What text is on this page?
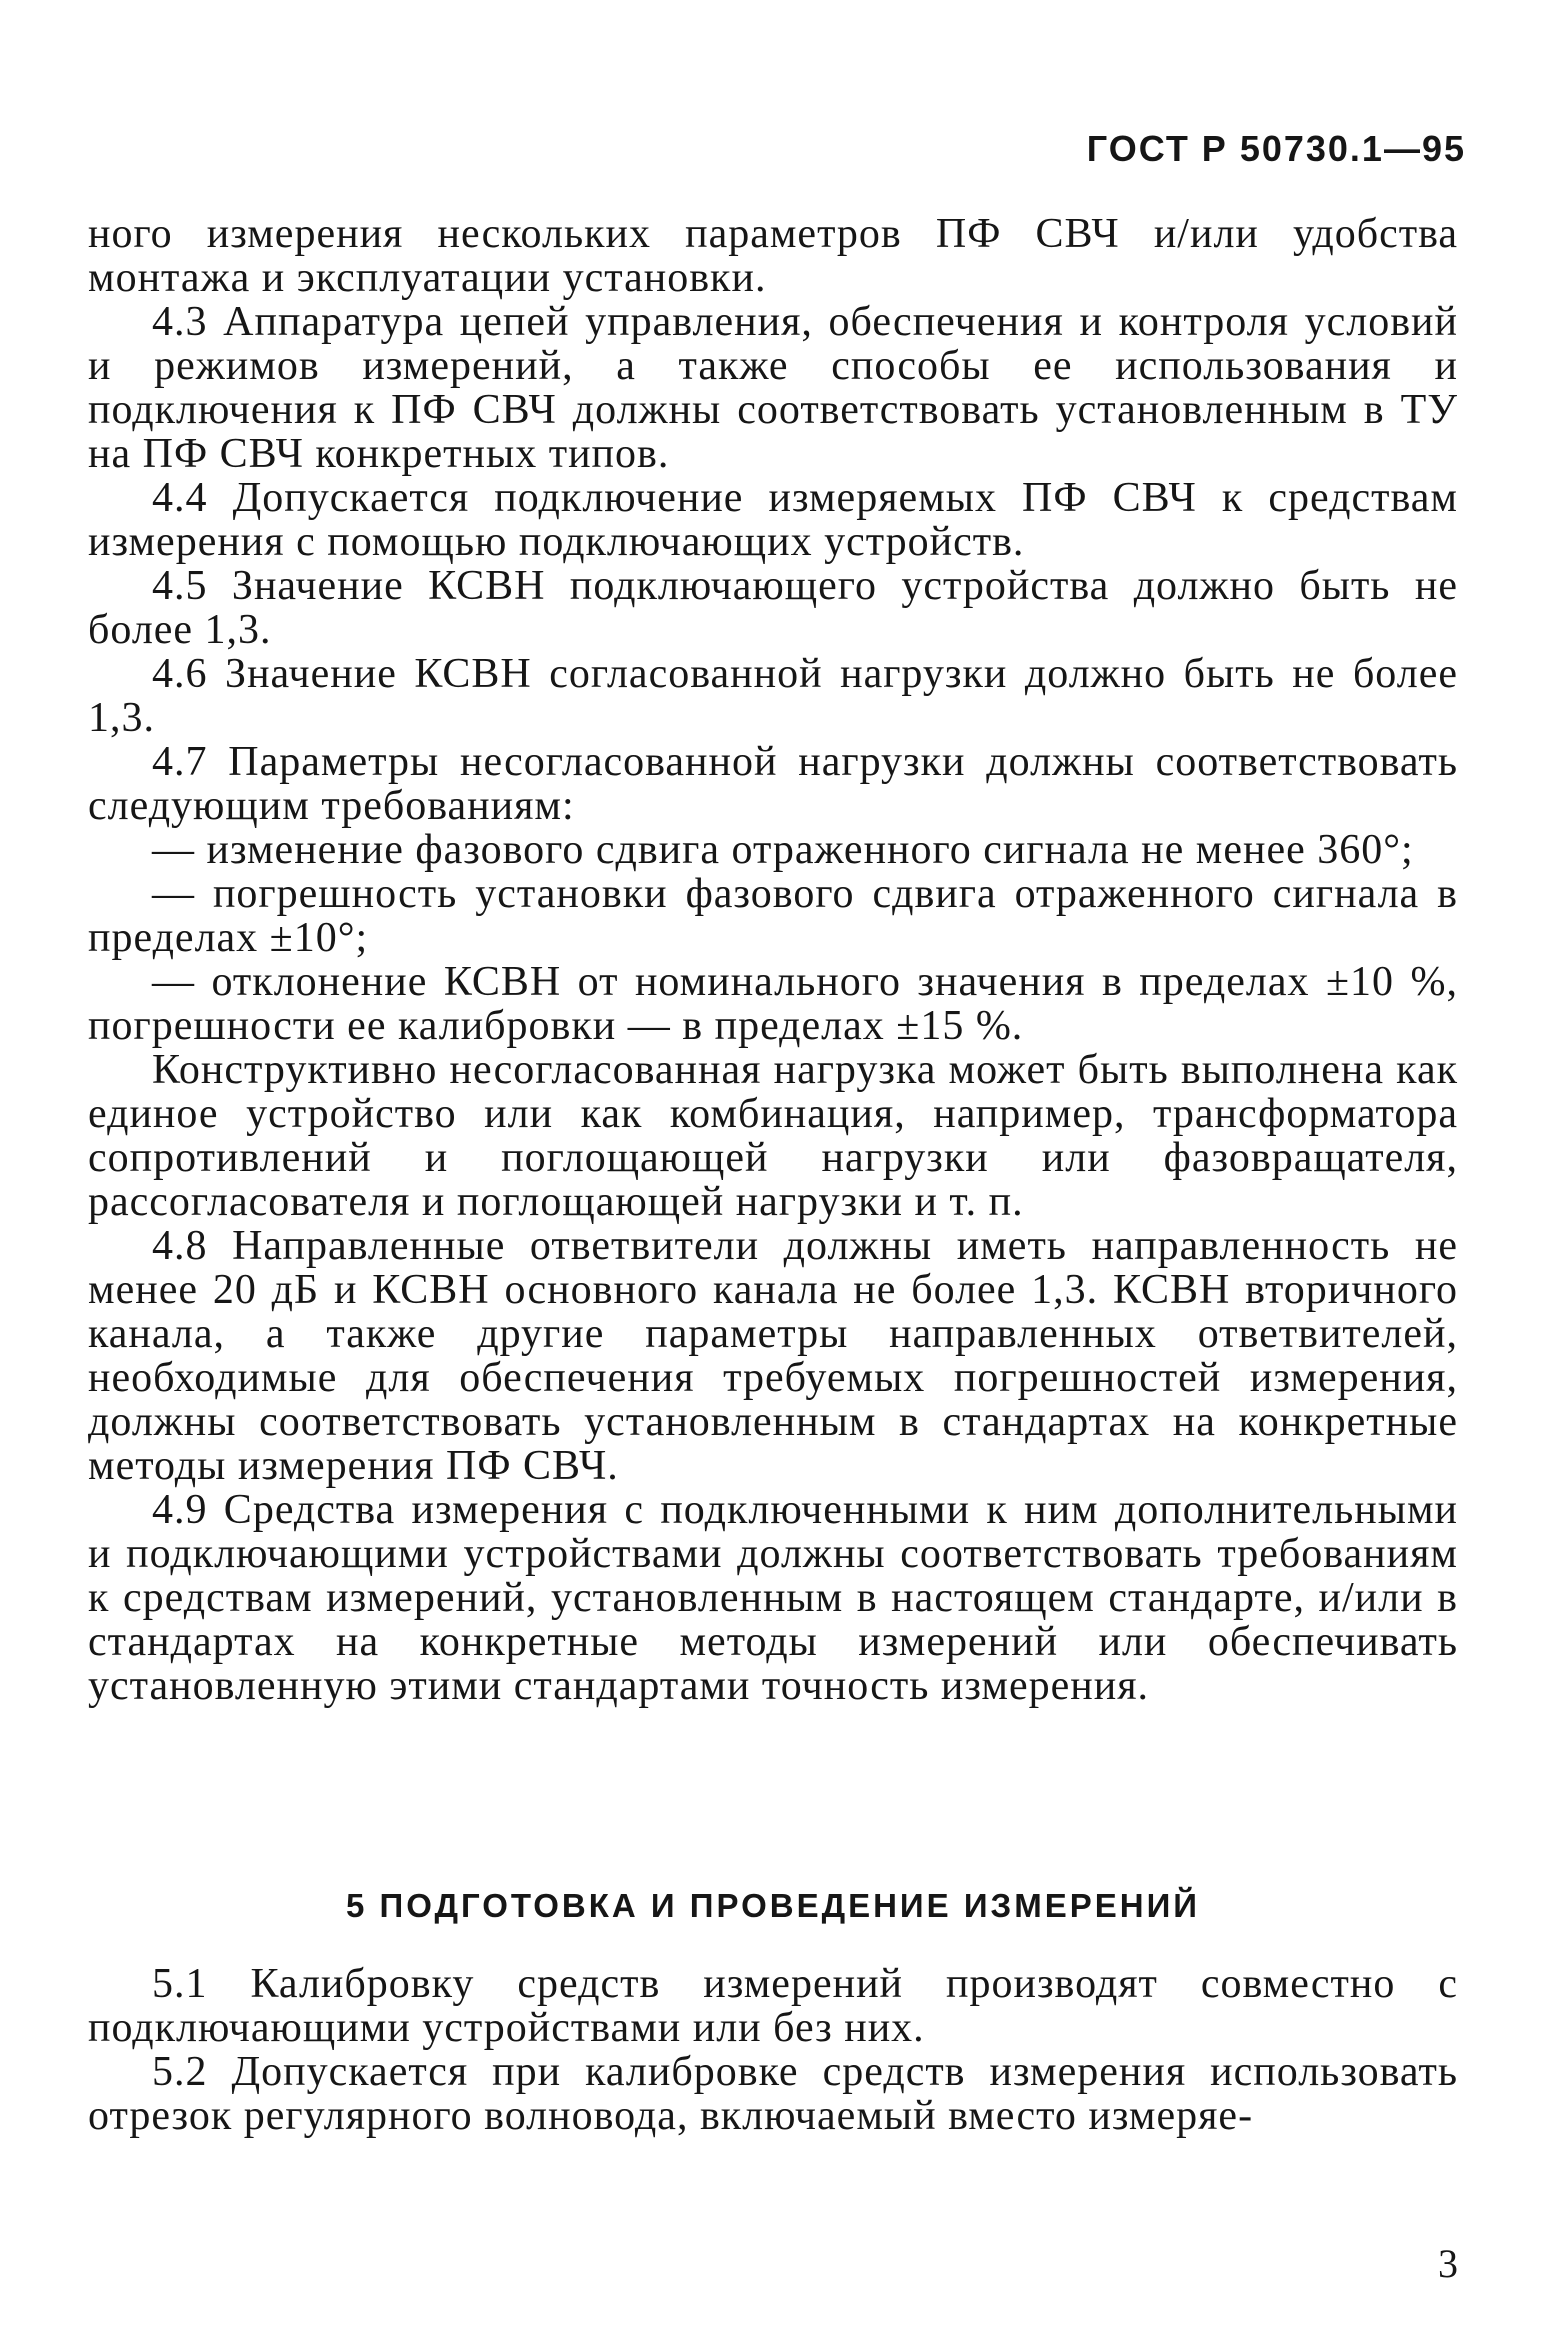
ГОСТ Р 50730.1—95

ного измерения нескольких параметров ПФ СВЧ и/или удобства монтажа и эксплуатации установки.

4.3 Аппаратура цепей управления, обеспечения и контроля условий и режимов измерений, а также способы ее использования и подключения к ПФ СВЧ должны соответствовать установленным в ТУ на ПФ СВЧ конкретных типов.

4.4 Допускается подключение измеряемых ПФ СВЧ к средствам измерения с помощью подключающих устройств.

4.5 Значение КСВН подключающего устройства должно быть не более 1,3.

4.6 Значение КСВН согласованной нагрузки должно быть не более 1,3.

4.7 Параметры несогласованной нагрузки должны соответствовать следующим требованиям:

— изменение фазового сдвига отраженного сигнала не менее 360°;

— погрешность установки фазового сдвига отраженного сигнала в пределах ±10°;

— отклонение КСВН от номинального значения в пределах ±10 %, погрешности ее калибровки — в пределах ±15 %.

Конструктивно несогласованная нагрузка может быть выполнена как единое устройство или как комбинация, например, трансформатора сопротивлений и поглощающей нагрузки или фазовращателя, рассогласователя и поглощающей нагрузки и т. п.

4.8 Направленные ответвители должны иметь направленность не менее 20 дБ и КСВН основного канала не более 1,3. КСВН вторичного канала, а также другие параметры направленных ответвителей, необходимые для обеспечения требуемых погрешностей измерения, должны соответствовать установленным в стандартах на конкретные методы измерения ПФ СВЧ.

4.9 Средства измерения с подключенными к ним дополнительными и подключающими устройствами должны соответствовать требованиям к средствам измерений, установленным в настоящем стандарте, и/или в стандартах на конкретные методы измерений или обеспечивать установленную этими стандартами точность измерения.

5 ПОДГОТОВКА И ПРОВЕДЕНИЕ ИЗМЕРЕНИЙ

5.1 Калибровку средств измерений производят совместно с подключающими устройствами или без них.

5.2 Допускается при калибровке средств измерения использовать отрезок регулярного волновода, включаемый вместо измеряе-

3
